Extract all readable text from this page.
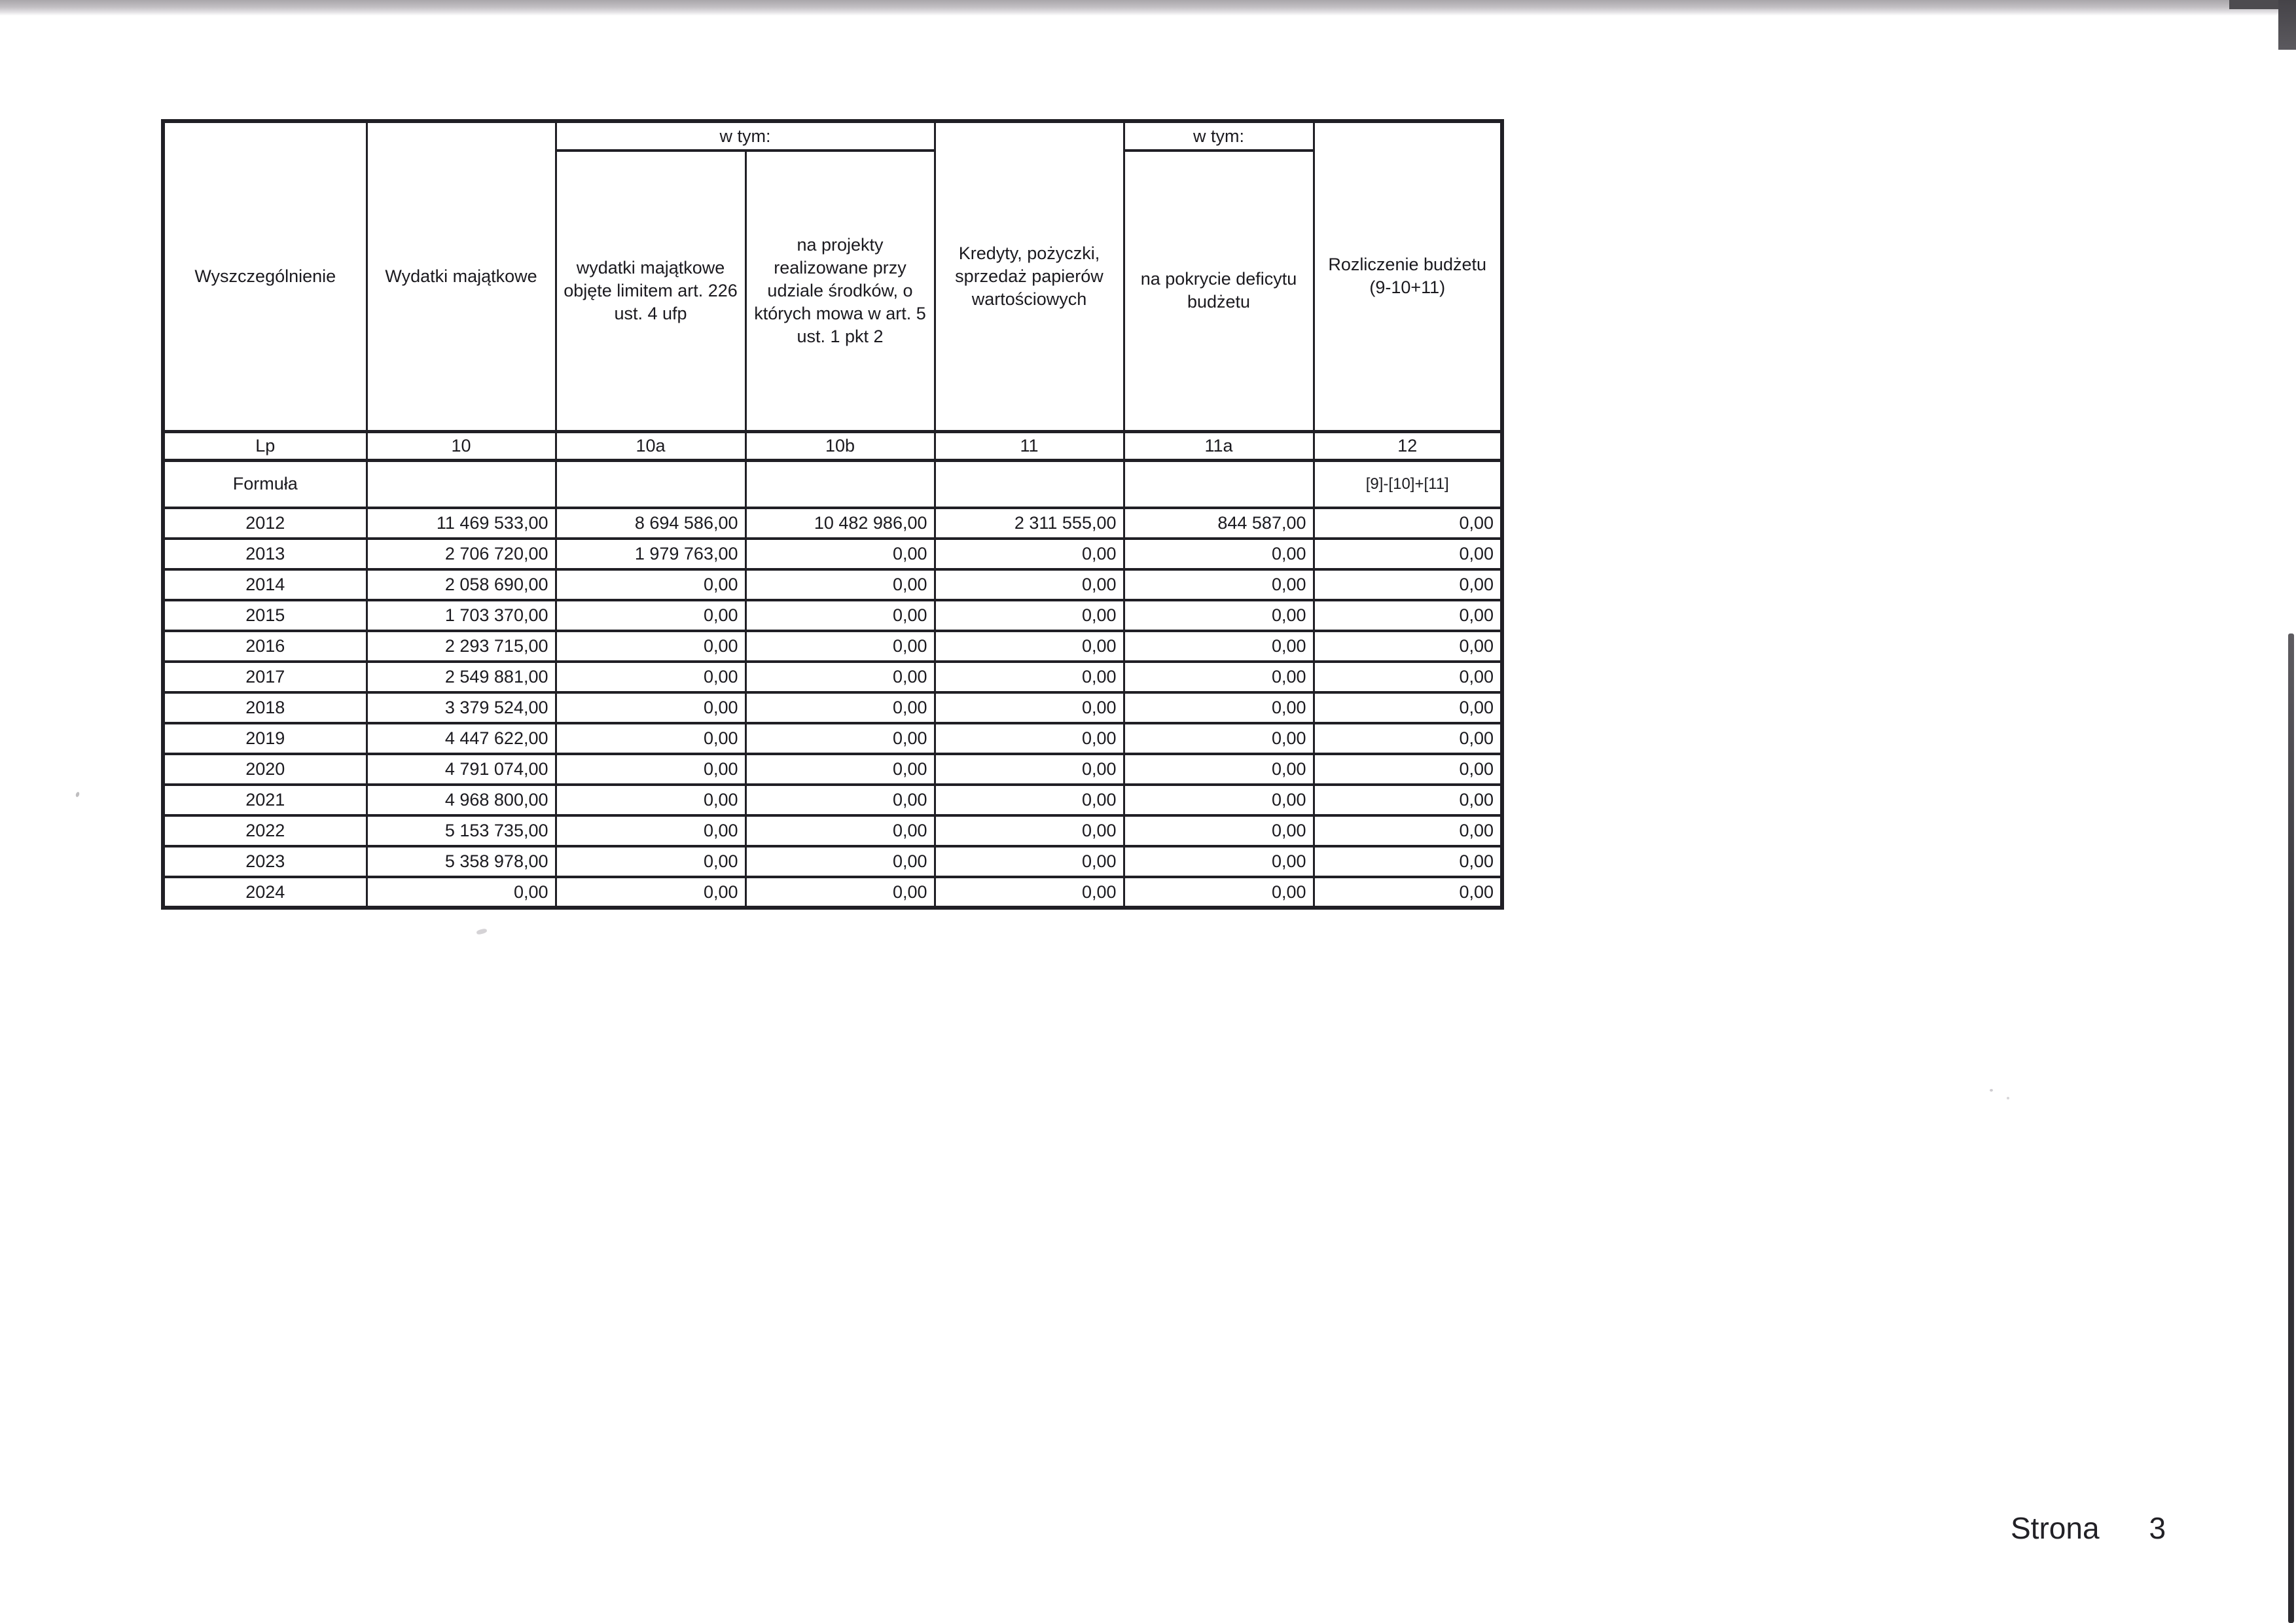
Wyszczególnienie	Wydatki majątkowe	w tym:		Kredyty, pożyczki, sprzedaż papierów wartościowych	w tym:	Rozliczenie budżetu (9-10+11)
		wydatki majątkowe objęte limitem art. 226 ust. 4 ufp	na projekty realizowane przy udziale środków, o których mowa w art. 5 ust. 1 pkt 2		na pokrycie deficytu budżetu	
Lp	10	10a	10b	11	11a	12
Formuła						[9]-[10]+[11]
2012	11 469 533,00	8 694 586,00	10 482 986,00	2 311 555,00	844 587,00	0,00
2013	2 706 720,00	1 979 763,00	0,00	0,00	0,00	0,00
2014	2 058 690,00	0,00	0,00	0,00	0,00	0,00
2015	1 703 370,00	0,00	0,00	0,00	0,00	0,00
2016	2 293 715,00	0,00	0,00	0,00	0,00	0,00
2017	2 549 881,00	0,00	0,00	0,00	0,00	0,00
2018	3 379 524,00	0,00	0,00	0,00	0,00	0,00
2019	4 447 622,00	0,00	0,00	0,00	0,00	0,00
2020	4 791 074,00	0,00	0,00	0,00	0,00	0,00
2021	4 968 800,00	0,00	0,00	0,00	0,00	0,00
2022	5 153 735,00	0,00	0,00	0,00	0,00	0,00
2023	5 358 978,00	0,00	0,00	0,00	0,00	0,00
2024	0,00	0,00	0,00	0,00	0,00	0,00
Strona 3
